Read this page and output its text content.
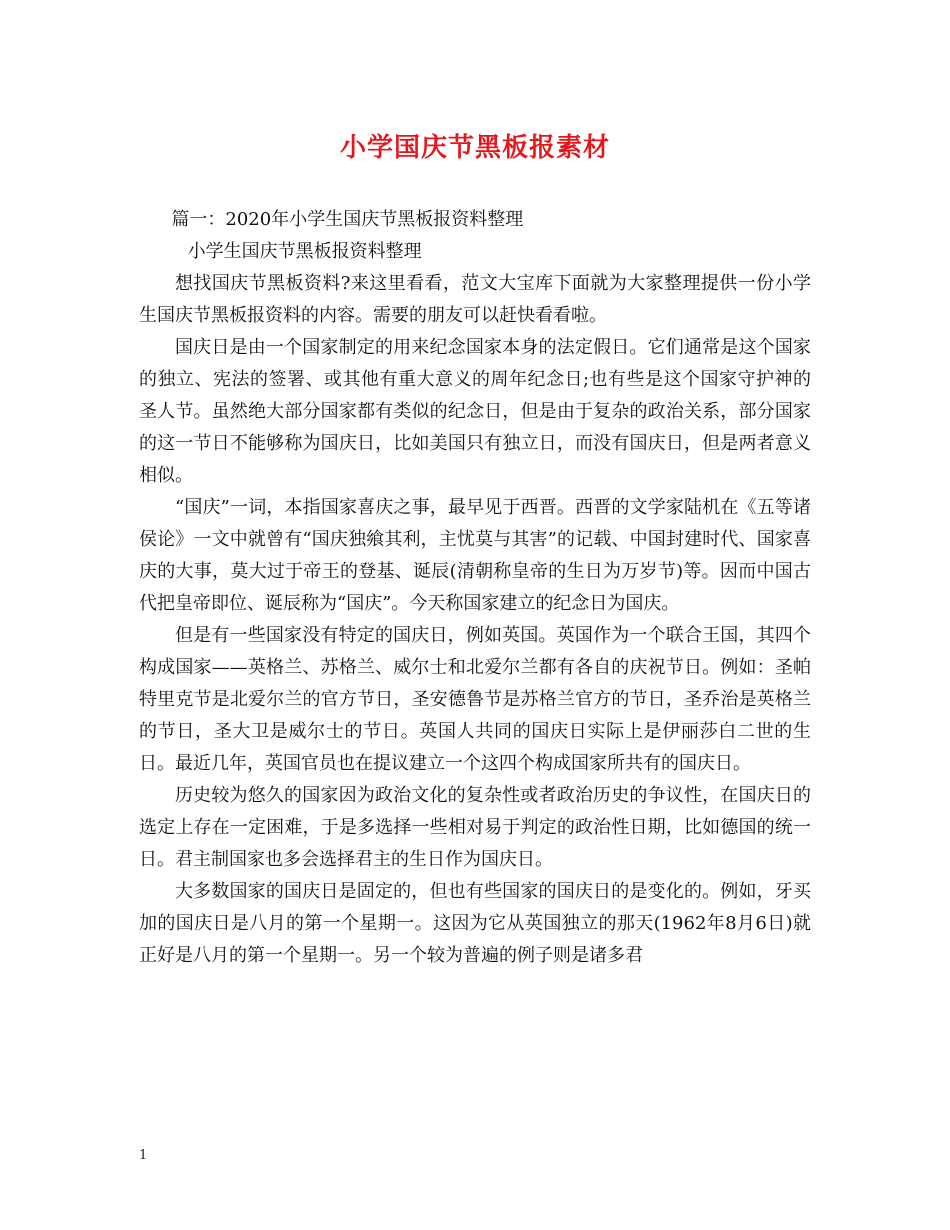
小学国庆节黑板报素材

篇一：2020年小学生国庆节黑板报资料整理

小学生国庆节黑板报资料整理

想找国庆节黑板资料?来这里看看，范文大宝库下面就为大家整理提供一份小学生国庆节黑板报资料的内容。需要的朋友可以赶快看看啦。

国庆日是由一个国家制定的用来纪念国家本身的法定假日。它们通常是这个国家的独立、宪法的签署、或其他有重大意义的周年纪念日;也有些是这个国家守护神的圣人节。虽然绝大部分国家都有类似的纪念日，但是由于复杂的政治关系，部分国家的这一节日不能够称为国庆日，比如美国只有独立日，而没有国庆日，但是两者意义相似。

“国庆”一词，本指国家喜庆之事，最早见于西晋。西晋的文学家陆机在《五等诸侯论》一文中就曾有“国庆独飨其利，主忧莫与其害”的记载、中国封建时代、国家喜庆的大事，莫大过于帝王的登基、诞辰(清朝称皇帝的生日为万岁节)等。因而中国古代把皇帝即位、诞辰称为“国庆”。今天称国家建立的纪念日为国庆。

但是有一些国家没有特定的国庆日，例如英国。英国作为一个联合王国，其四个构成国家——英格兰、苏格兰、威尔士和北爱尔兰都有各自的庆祝节日。例如：圣帕特里克节是北爱尔兰的官方节日，圣安德鲁节是苏格兰官方的节日，圣乔治是英格兰的节日，圣大卫是威尔士的节日。英国人共同的国庆日实际上是伊丽莎白二世的生日。最近几年，英国官员也在提议建立一个这四个构成国家所共有的国庆日。

历史较为悠久的国家因为政治文化的复杂性或者政治历史的争议性，在国庆日的选定上存在一定困难，于是多选择一些相对易于判定的政治性日期，比如德国的统一日。君主制国家也多会选择君主的生日作为国庆日。

大多数国家的国庆日是固定的，但也有些国家的国庆日的是变化的。例如，牙买加的国庆日是八月的第一个星期一。这因为它从英国独立的那天(1962年8月6日)就正好是八月的第一个星期一。另一个较为普遍的例子则是诸多君

1
